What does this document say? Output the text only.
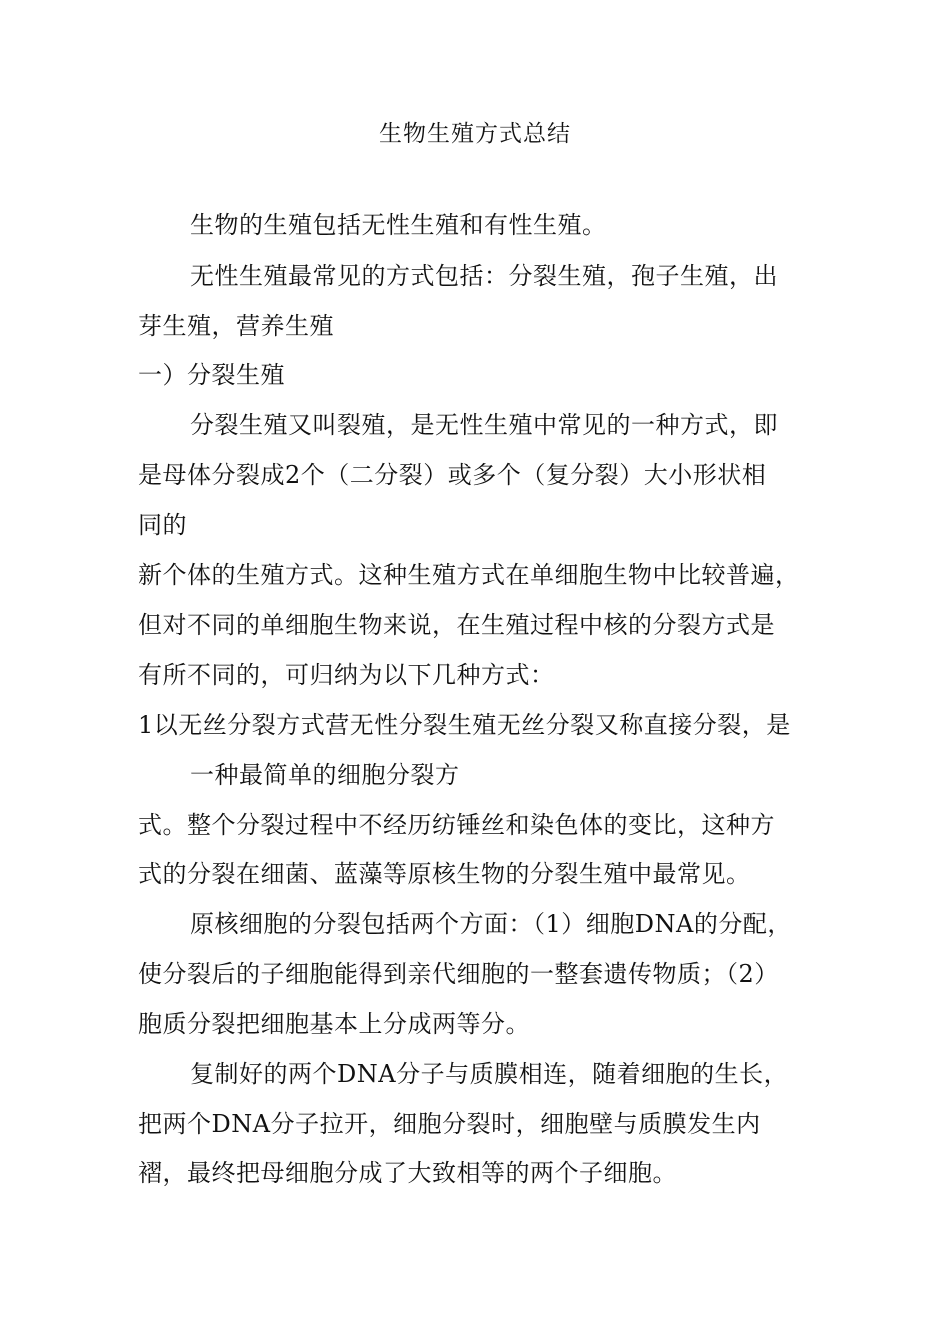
生物生殖方式总结
生物的生殖包括无性生殖和有性生殖。
无性生殖最常见的方式包括：分裂生殖，孢子生殖，出
芽生殖，营养生殖
一）分裂生殖
分裂生殖又叫裂殖，是无性生殖中常见的一种方式，即
是母体分裂成2个（二分裂）或多个（复分裂）大小形状相
同的
新个体的生殖方式。这种生殖方式在单细胞生物中比较普遍，
但对不同的单细胞生物来说，在生殖过程中核的分裂方式是
有所不同的，可归纳为以下几种方式：
1以无丝分裂方式营无性分裂生殖无丝分裂又称直接分裂，是
一种最简单的细胞分裂方
式。整个分裂过程中不经历纺锤丝和染色体的变比，这种方
式的分裂在细菌、蓝藻等原核生物的分裂生殖中最常见。
原核细胞的分裂包括两个方面：（1）细胞DNA的分配，
使分裂后的子细胞能得到亲代细胞的一整套遗传物质；（2）
胞质分裂把细胞基本上分成两等分。
复制好的两个DNA分子与质膜相连，随着细胞的生长，
把两个DNA分子拉开，细胞分裂时，细胞壁与质膜发生内
褶，最终把母细胞分成了大致相等的两个子细胞。
